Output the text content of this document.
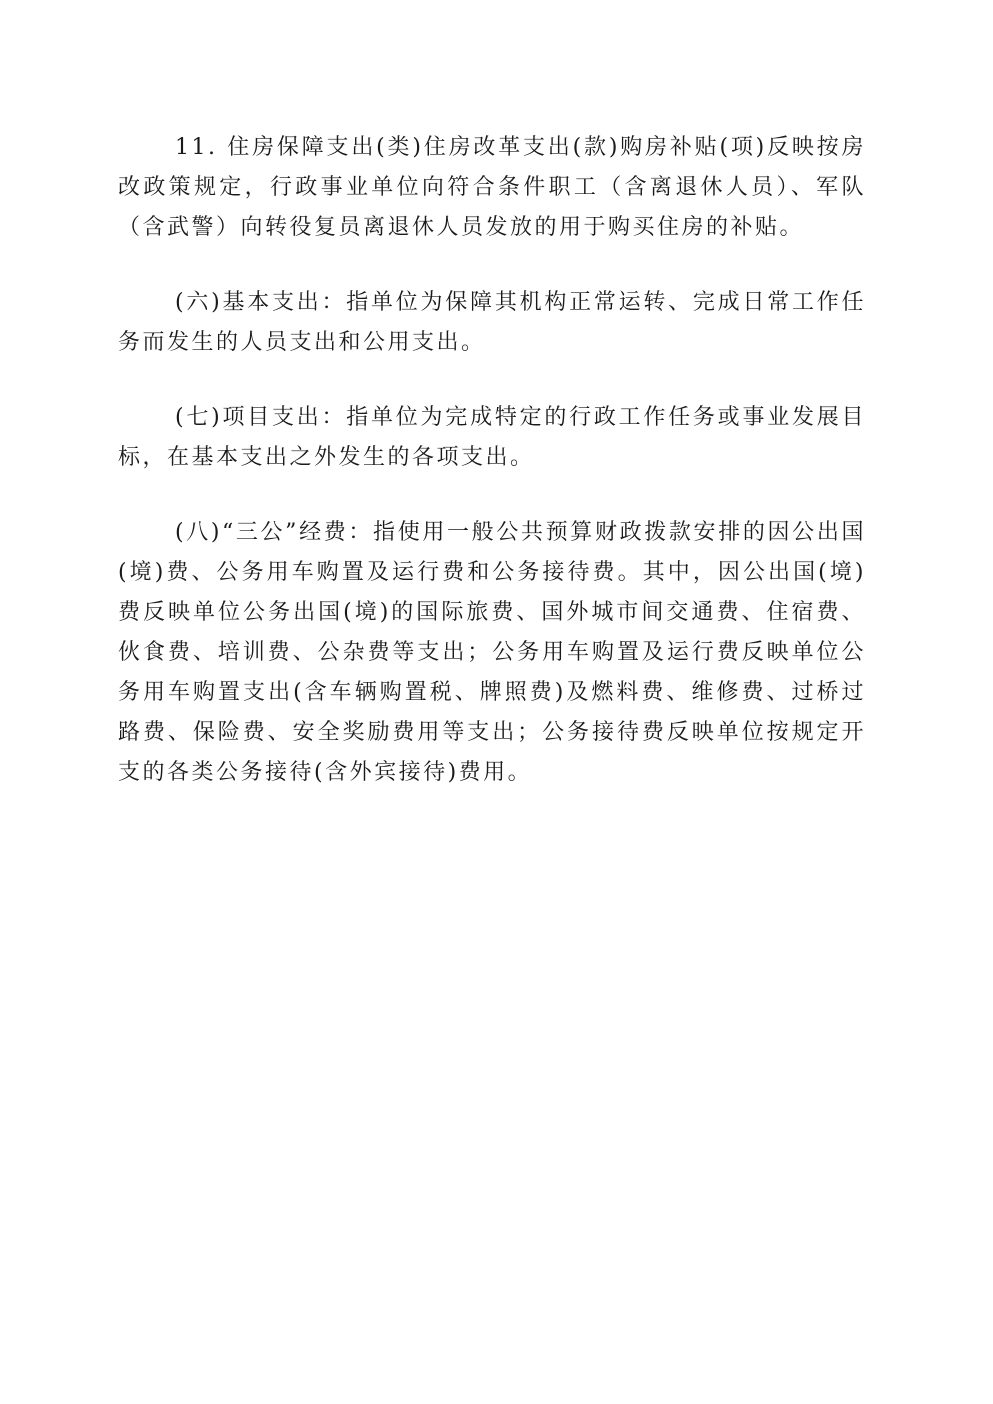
11. 住房保障支出(类)住房改革支出(款)购房补贴(项)反映按房改政策规定，行政事业单位向符合条件职工（含离退休人员）、军队（含武警）向转役复员离退休人员发放的用于购买住房的补贴。

(六)基本支出：指单位为保障其机构正常运转、完成日常工作任务而发生的人员支出和公用支出。

(七)项目支出：指单位为完成特定的行政工作任务或事业发展目标，在基本支出之外发生的各项支出。

(八)“三公”经费：指使用一般公共预算财政拨款安排的因公出国(境)费、公务用车购置及运行费和公务接待费。其中，因公出国(境)费反映单位公务出国(境)的国际旅费、国外城市间交通费、住宿费、伙食费、培训费、公杂费等支出；公务用车购置及运行费反映单位公务用车购置支出(含车辆购置税、牌照费)及燃料费、维修费、过桥过路费、保险费、安全奖励费用等支出；公务接待费反映单位按规定开支的各类公务接待(含外宾接待)费用。
